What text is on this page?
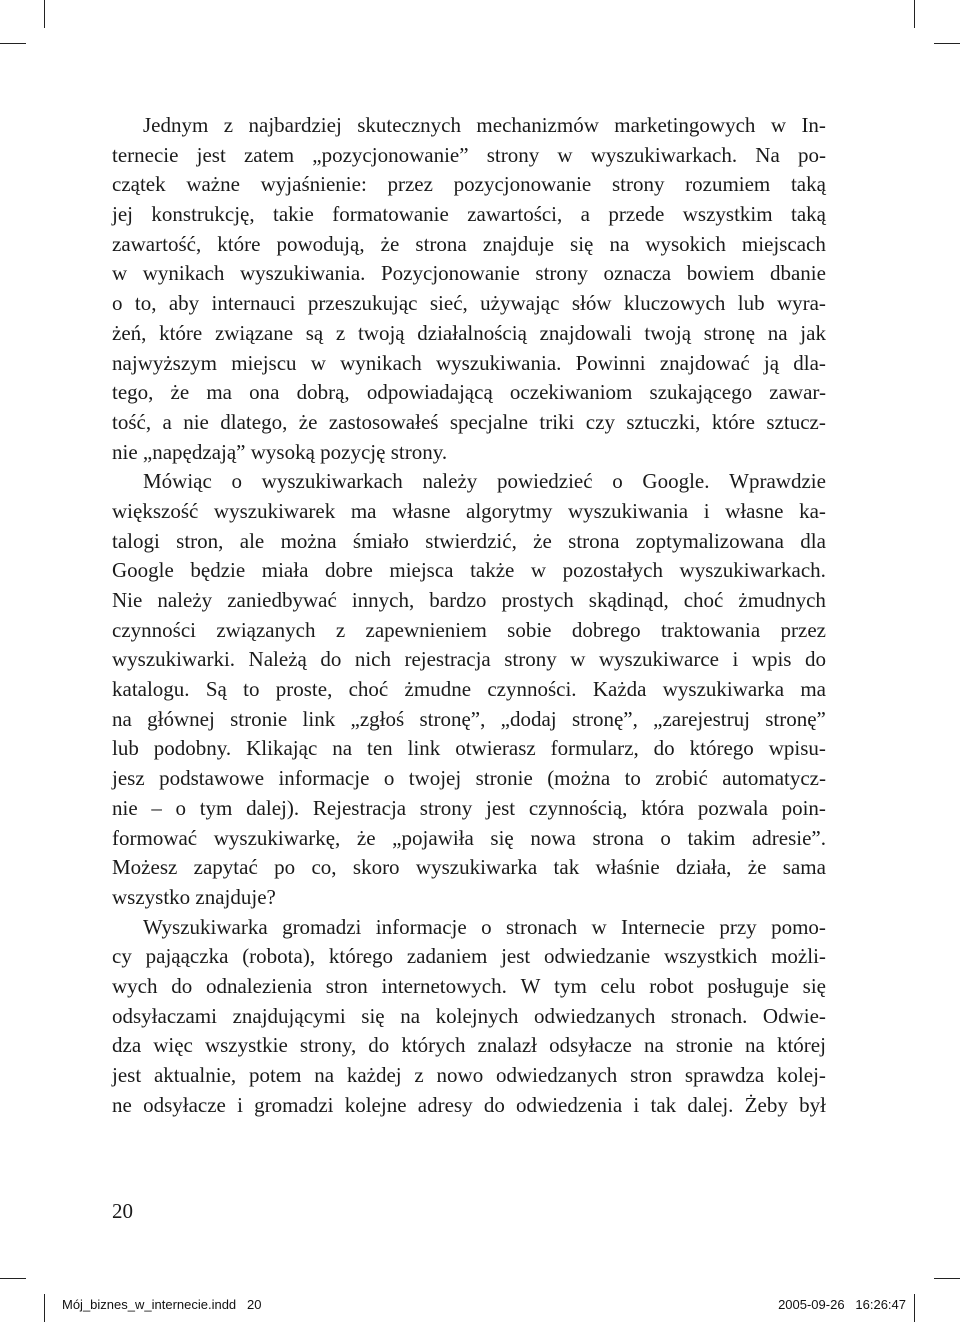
Jednym z najbardziej skutecznych mechanizmów marketingowych w In-
ternecie jest zatem „pozycjonowanie” strony w wyszukiwarkach. Na po-
czątek ważne wyjaśnienie: przez pozycjonowanie strony rozumiem taką
jej konstrukcję, takie formatowanie zawartości, a przede wszystkim taką
zawartość, które powodują, że strona znajduje się na wysokich miejscach
w wynikach wyszukiwania. Pozycjonowanie strony oznacza bowiem dbanie
o to, aby internauci przeszukując sieć, używając słów kluczowych lub wyra-
żeń, które związane są z twoją działalnością znajdowali twoją stronę na jak
najwyższym miejscu w wynikach wyszukiwania. Powinni znajdować ją dla-
tego, że ma ona dobrą, odpowiadającą oczekiwaniom szukającego zawar-
tość, a nie dlatego, że zastosowałeś specjalne triki czy sztuczki, które sztucz-
nie „napędzają” wysoką pozycję strony.
Mówiąc o wyszukiwarkach należy powiedzieć o Google. Wprawdzie
większość wyszukiwarek ma własne algorytmy wyszukiwania i własne ka-
talogi stron, ale można śmiało stwierdzić, że strona zoptymalizowana dla
Google będzie miała dobre miejsca także w pozostałych wyszukiwarkach.
Nie należy zaniedbywać innych, bardzo prostych skądinąd, choć żmudnych
czynności związanych z zapewnieniem sobie dobrego traktowania przez
wyszukiwarki. Należą do nich rejestracja strony w wyszukiwarce i wpis do
katalogu. Są to proste, choć żmudne czynności. Każda wyszukiwarka ma
na głównej stronie link „zgłoś stronę”, „dodaj stronę”, „zarejestruj stronę”
lub podobny. Klikając na ten link otwierasz formularz, do którego wpisu-
jesz podstawowe informacje o twojej stronie (można to zrobić automatycz-
nie – o tym dalej). Rejestracja strony jest czynnością, która pozwala poin-
formować wyszukiwarkę, że „pojawiła się nowa strona o takim adresie”.
Możesz zapytać po co, skoro wyszukiwarka tak właśnie działa, że sama
wszystko znajduje?
Wyszukiwarka gromadzi informacje o stronach w Internecie przy pomo-
cy pająączka (robota), którego zadaniem jest odwiedzanie wszystkich możli-
wych do odnalezienia stron internetowych. W tym celu robot posługuje się
odsyłaczami znajdującymi się na kolejnych odwiedzanych stronach. Odwie-
dza więc wszystkie strony, do których znalazł odsyłacze na stronie na której
jest aktualnie, potem na każdej z nowo odwiedzanych stron sprawdza kolej-
ne odsyłacze i gromadzi kolejne adresy do odwiedzenia i tak dalej. Żeby był
20
Mój_biznes_w_internecie.indd   20	2005-09-26   16:26:47
